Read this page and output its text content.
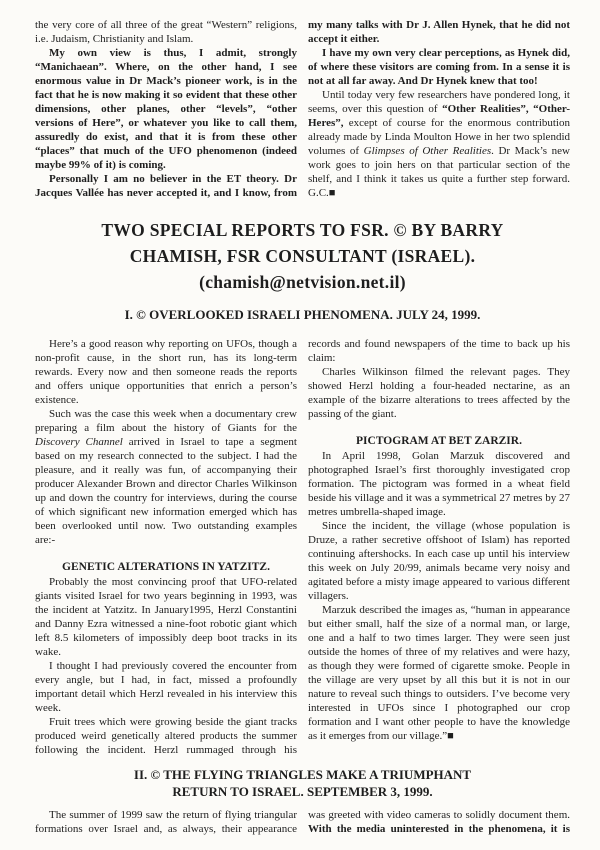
the very core of all three of the great “Western” religions, i.e. Judaism, Christianity and Islam.

My own view is thus, I admit, strongly “Manichaean”. Where, on the other hand, I see enormous value in Dr Mack’s pioneer work, is in the fact that he is now making it so evident that these other dimensions, other planes, other “levels”, “other versions of Here”, or whatever you like to call them, assuredly do exist, and that it is from these other “places” that much of the UFO phenomenon (indeed maybe 99% of it) is coming.

Personally I am no believer in the ET theory. Dr Jacques Vallée has never accepted it, and I know, from

my many talks with Dr J. Allen Hynek, that he did not accept it either.

I have my own very clear perceptions, as Hynek did, of where these visitors are coming from. In a sense it is not at all far away. And Dr Hynek knew that too!

Until today very few researchers have pondered long, it seems, over this question of “Other Realities”, “Other-Heres”, except of course for the enormous contribution already made by Linda Moulton Howe in her two splendid volumes of Glimpses of Other Realities. Dr Mack’s new work goes to join hers on that particular section of the shelf, and I think it takes us quite a further step forward. G.C.■

TWO SPECIAL REPORTS TO FSR. © BY BARRY
CHAMISH, FSR CONSULTANT (ISRAEL).
(chamish@netvision.net.il)
I. © OVERLOOKED ISRAELI PHENOMENA. JULY 24, 1999.

Here’s a good reason why reporting on UFOs, though a non-profit cause, in the short run, has its long-term rewards. Every now and then someone reads the reports and offers unique opportunities that enrich a person’s existence.

Such was the case this week when a documentary crew preparing a film about the history of Giants for the Discovery Channel arrived in Israel to tape a segment based on my research connected to the subject. I had the pleasure, and it really was fun, of accompanying their producer Alexander Brown and director Charles Wilkinson up and down the country for interviews, during the course of which significant new information emerged which has been overlooked until now. Two outstanding examples are:-

GENETIC ALTERATIONS IN YATZITZ.

Probably the most convincing proof that UFO-related giants visited Israel for two years beginning in 1993, was the incident at Yatzitz. In January1995, Herzl Constantini and Danny Ezra witnessed a nine-foot robotic giant which left 8.5 kilometers of impossibly deep boot tracks in its wake.

I thought I had previously covered the encounter from every angle, but I had, in fact, missed a profoundly important detail which Herzl revealed in his interview this week.

Fruit trees which were growing beside the giant tracks produced weird genetically altered products the summer following the incident. Herzl rummaged through his

records and found newspapers of the time to back up his claim:

Charles Wilkinson filmed the relevant pages. They showed Herzl holding a four-headed nectarine, as an example of the bizarre alterations to trees affected by the passing of the giant.

PICTOGRAM AT BET ZARZIR.

In April 1998, Golan Marzuk discovered and photographed Israel’s first thoroughly investigated crop formation. The pictogram was formed in a wheat field beside his village and it was a symmetrical 27 metres by 27 metres umbrella-shaped image.

Since the incident, the village (whose population is Druze, a rather secretive offshoot of Islam) has reported continuing aftershocks. In each case up until his interview this week on July 20/99, animals became very noisy and agitated before a misty image appeared to various different villagers.

Marzuk described the images as, “human in appearance but either small, half the size of a normal man, or large, one and a half to two times larger. They were seen just outside the homes of three of my relatives and were hazy, as though they were formed of cigarette smoke. People in the village are very upset by all this but it is not in our nature to reveal such things to outsiders. I’ve become very interested in UFOs since I photographed our crop formation and I want other people to have the knowledge as it emerges from our village.”■

II. © THE FLYING TRIANGLES MAKE A TRIUMPHANT
RETURN TO ISRAEL. SEPTEMBER 3, 1999.

The summer of 1999 saw the return of flying triangular formations over Israel and, as always, their appearance

was greeted with video cameras to solidly document them. With the media uninterested in the phenomena, it is
